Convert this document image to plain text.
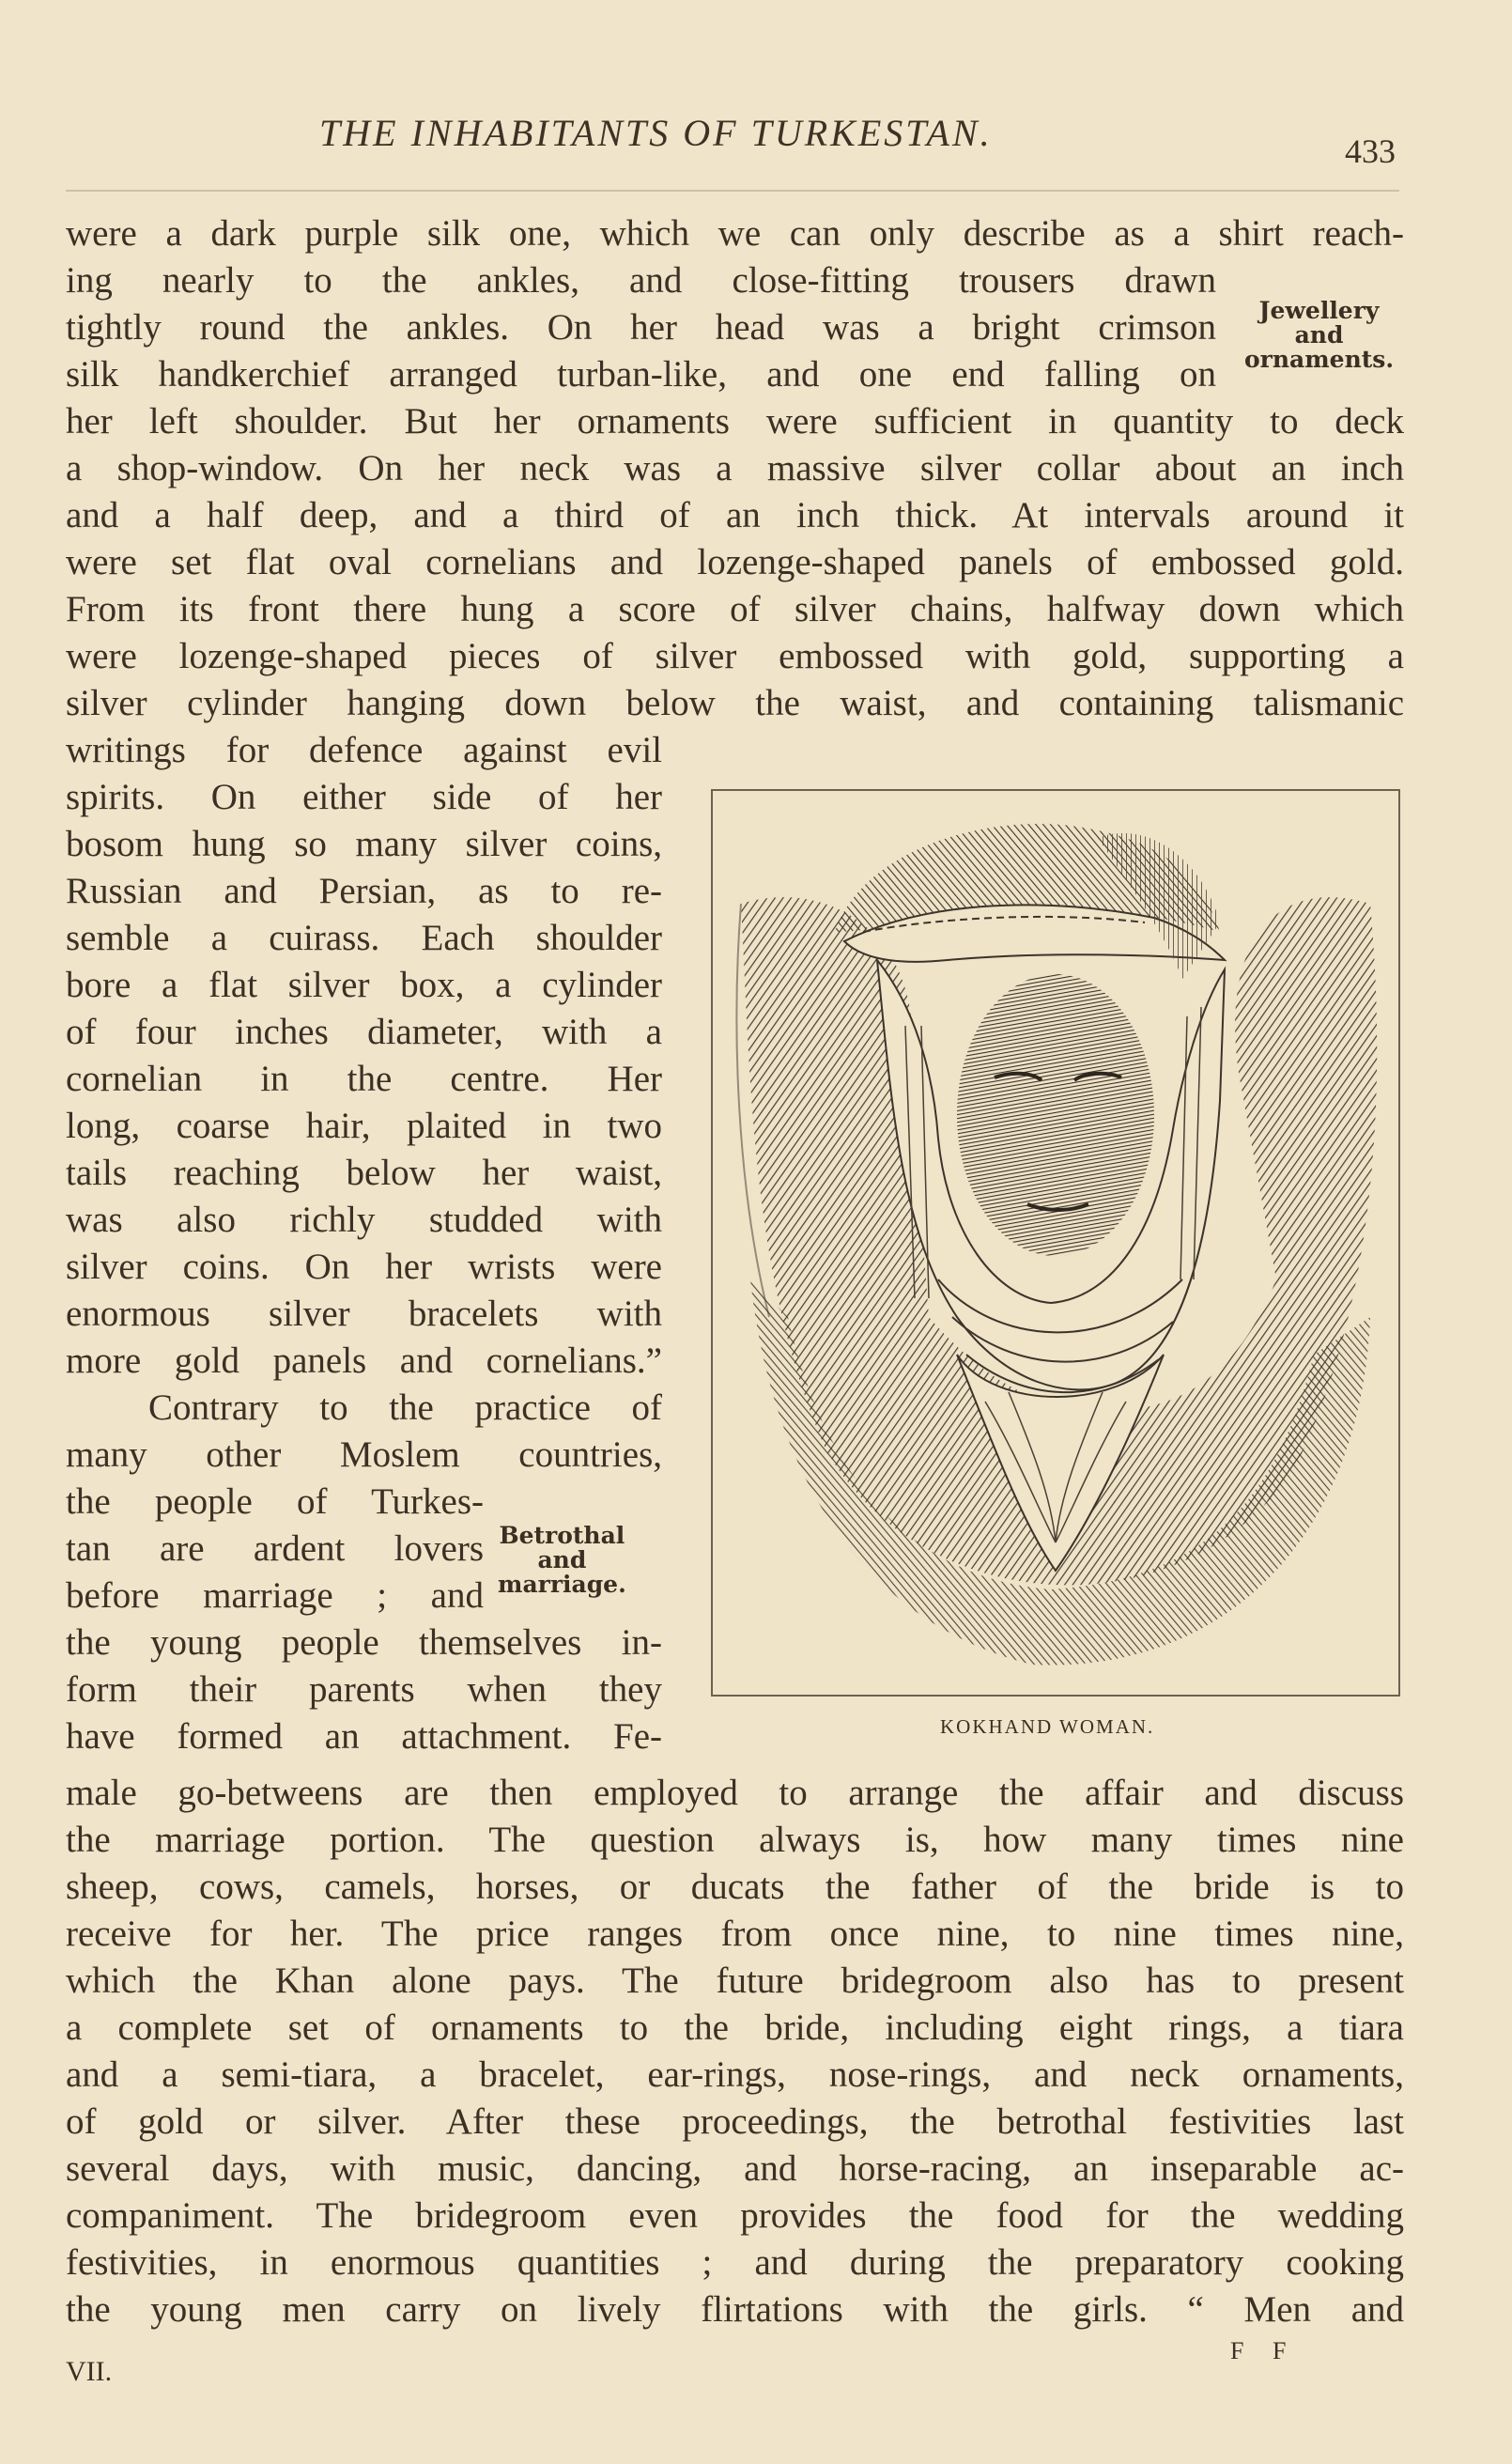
THE INHABITANTS OF TURKESTAN.	433
Jewellery
and
ornaments.
Betrothal
and
marriage.
were a dark purple silk one, which we can only describe as a shirt reach-
ing nearly to the ankles, and close-fitting trousers drawn
tightly round the ankles. On her head was a bright crimson
silk handkerchief arranged turban-like, and one end falling on
her left shoulder. But her ornaments were sufficient in quantity to deck
a shop-window. On her neck was a massive silver collar about an inch
and a half deep, and a third of an inch thick. At intervals around it
were set flat oval cornelians and lozenge-shaped panels of embossed gold.
From its front there hung a score of silver chains, halfway down which
were lozenge-shaped pieces of silver embossed with gold, supporting a
silver cylinder hanging down below the waist, and containing talismanic
writings for defence against evil
spirits. On either side of her
bosom hung so many silver coins,
Russian and Persian, as to re-
semble a cuirass. Each shoulder
bore a flat silver box, a cylinder
of four inches diameter, with a
cornelian in the centre. Her
long, coarse hair, plaited in two
tails reaching below her waist,
was also richly studded with
silver coins. On her wrists were
enormous silver bracelets with
more gold panels and cornelians.”
Contrary to the practice of
many other Moslem countries,
the people of Turkes-
tan are ardent lovers
before marriage ; and
the young people themselves in-
form their parents when they
have formed an attachment. Fe-
male go-betweens are then employed to arrange the affair and discuss
the marriage portion. The question always is, how many times nine
sheep, cows, camels, horses, or ducats the father of the bride is to
receive for her. The price ranges from once nine, to nine times nine,
which the Khan alone pays. The future bridegroom also has to present
a complete set of ornaments to the bride, including eight rings, a tiara
and a semi-tiara, a bracelet, ear-rings, nose-rings, and neck ornaments,
of gold or silver. After these proceedings, the betrothal festivities last
several days, with music, dancing, and horse-racing, an inseparable ac-
companiment. The bridegroom even provides the food for the wedding
festivities, in enormous quantities ; and during the preparatory cooking
the young men carry on lively flirtations with the girls. “ Men and
KOKHAND WOMAN.
F F
VII.
